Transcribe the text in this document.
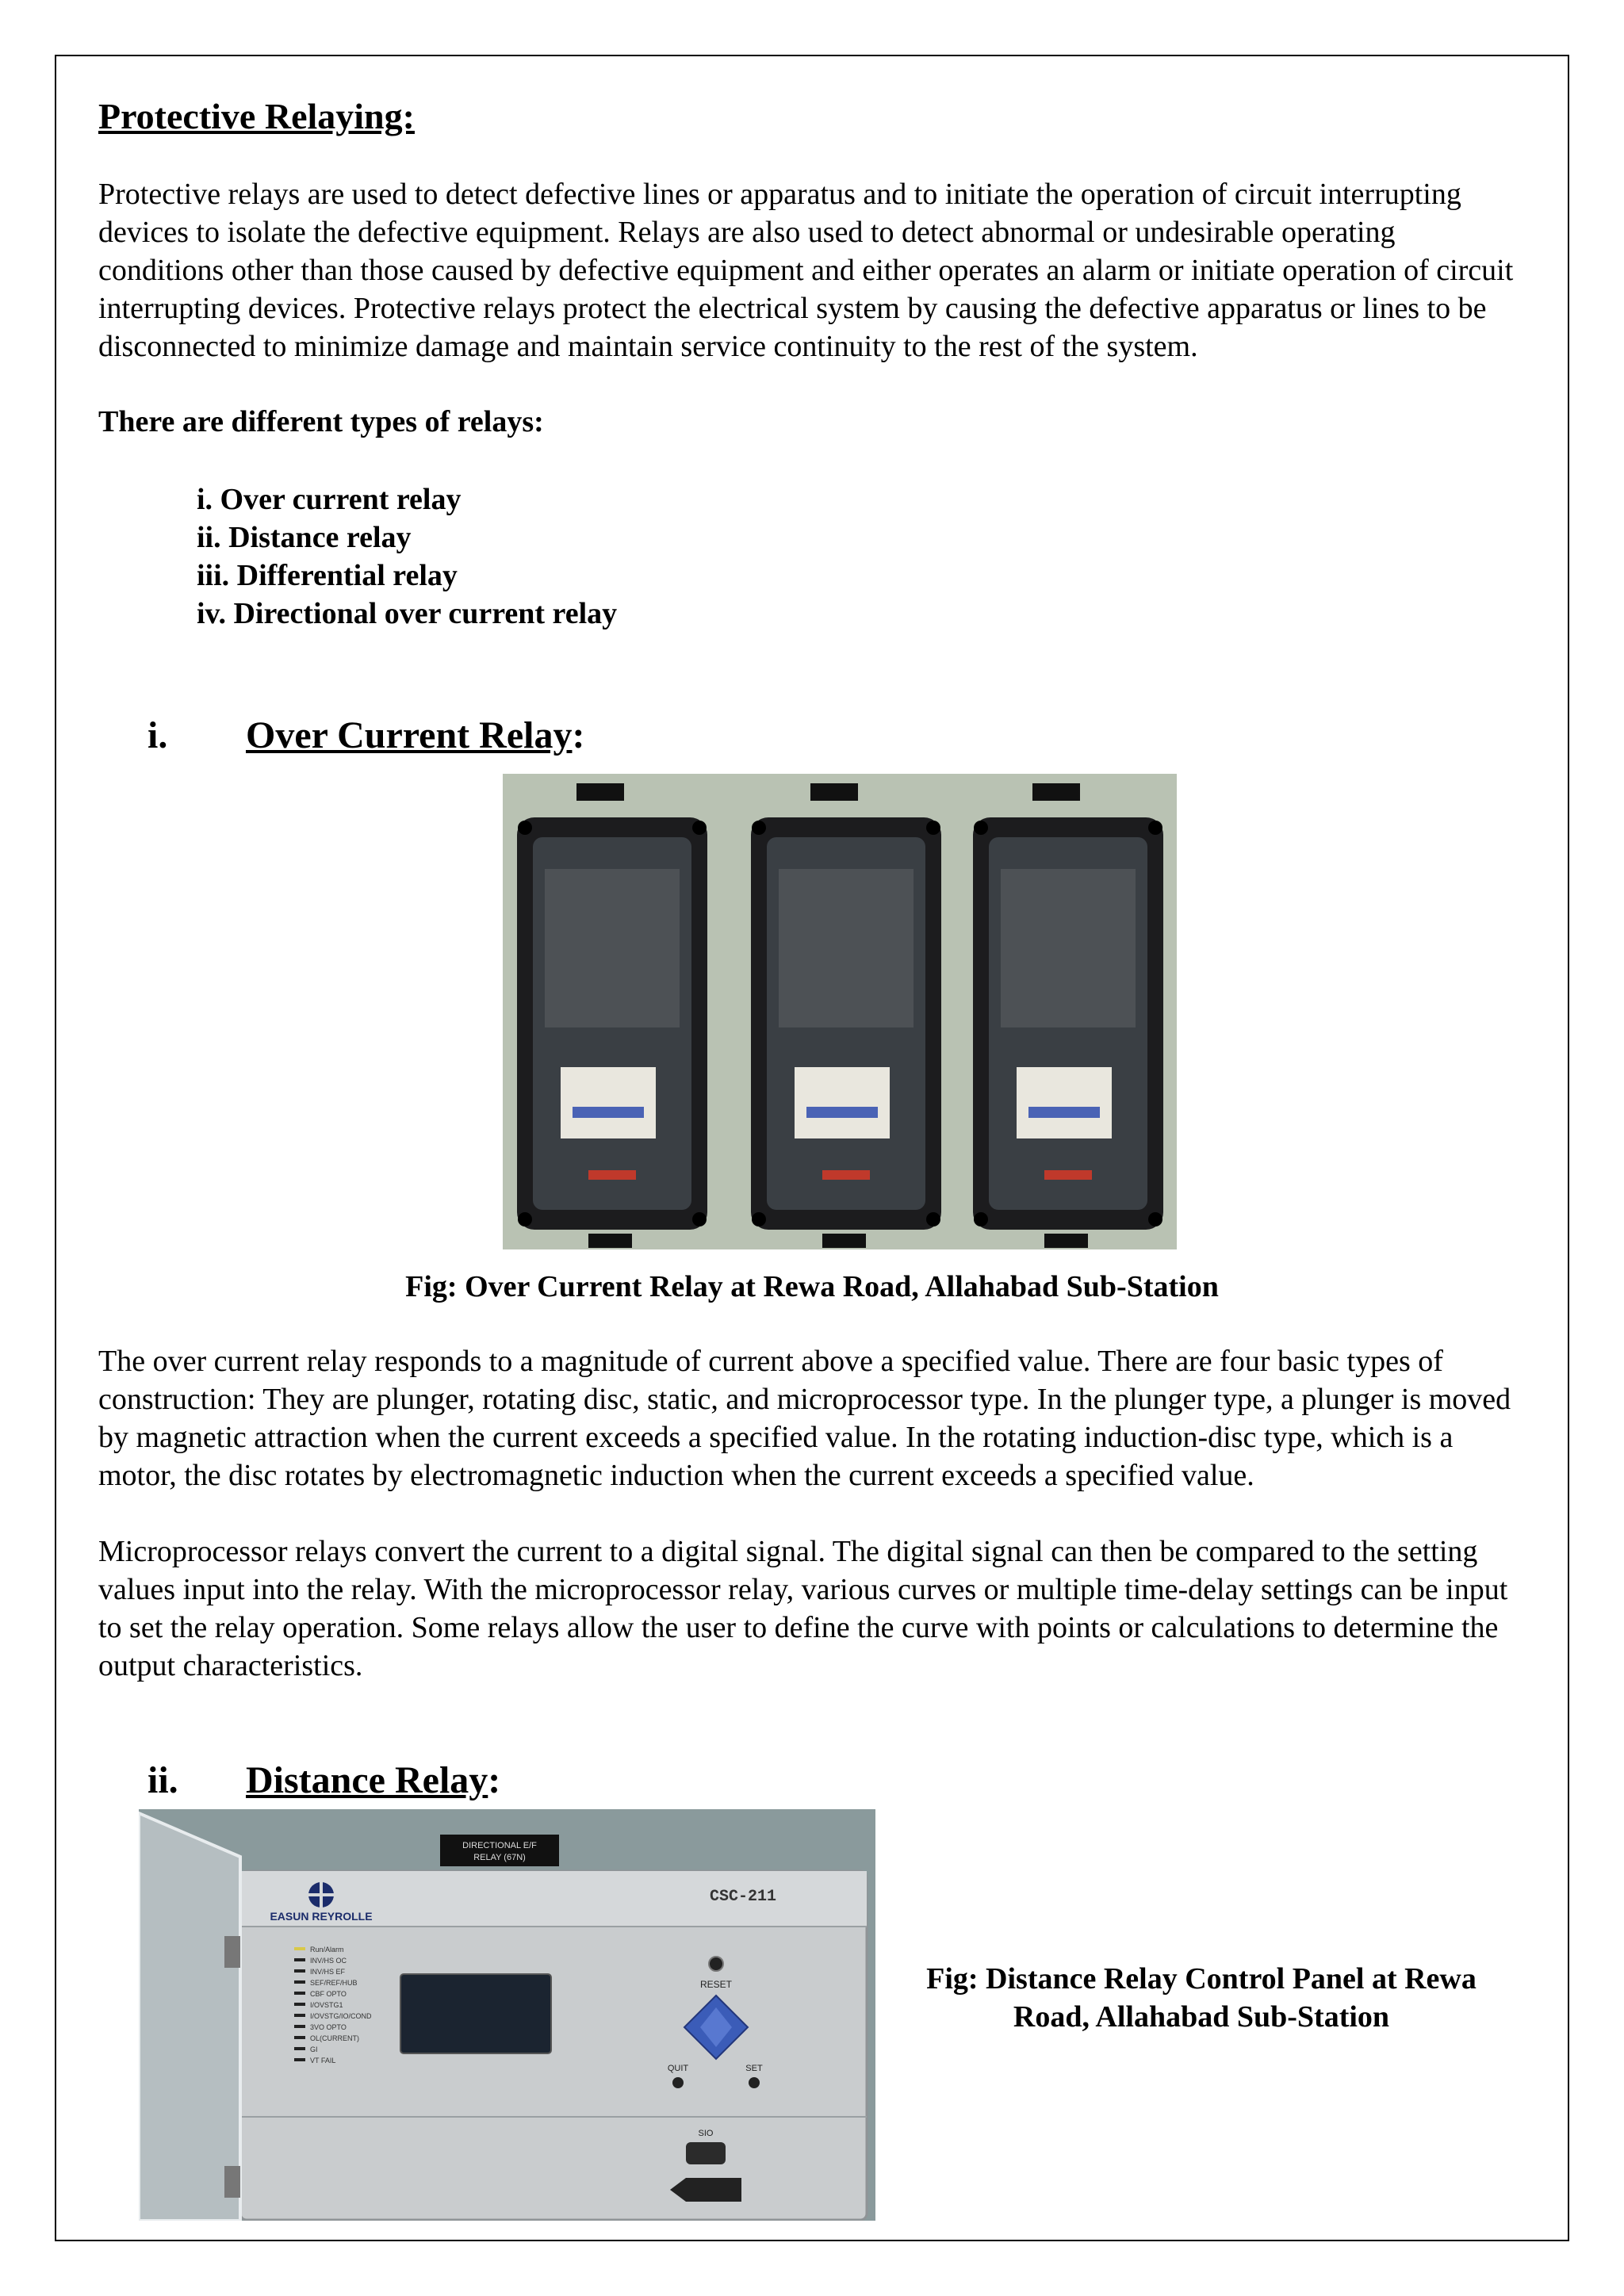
Protective Relaying:

Protective relays are used to detect defective lines or apparatus and to initiate the operation of circuit interrupting devices to isolate the defective equipment. Relays are also used to detect abnormal or undesirable operating conditions other than those caused by defective equipment and either operates an alarm or initiate operation of circuit interrupting devices. Protective relays protect the electrical system by causing the defective apparatus or lines to be disconnected to minimize damage and maintain service continuity to the rest of the system.

There are different types of relays:

i. Over current relay
ii. Distance relay
iii. Differential relay
iv. Directional over current relay
i.	Over Current Relay:
Fig: Over Current Relay at Rewa Road, Allahabad Sub-Station

The over current relay responds to a magnitude of current above a specified value. There are four basic types of construction: They are plunger, rotating disc, static, and microprocessor type. In the plunger type, a plunger is moved by magnetic attraction when the current exceeds a specified value. In the rotating induction-disc type, which is a motor, the disc rotates by electromagnetic induction when the current exceeds a specified value.

Microprocessor relays convert the current to a digital signal. The digital signal can then be compared to the setting values input into the relay. With the microprocessor relay, various curves or multiple time-delay settings can be input to set the relay operation. Some relays allow the user to define the curve with points or calculations to determine the output characteristics.

ii.	Distance Relay:
DIRECTIONAL E/F
RELAY (67N)
EASUN REYROLLE
CSC-211
Run/Alarm
INV/HS OC
INV/HS EF
SEF/REF/HUB
CBF OPTO
I/OVSTG1
I/OVSTG/IO/COND
3VO OPTO
OL(CURRENT)
GI
VT FAIL
RESET
QUIT	SET
SIO
Fig: Distance Relay Control Panel at Rewa Road, Allahabad Sub-Station
